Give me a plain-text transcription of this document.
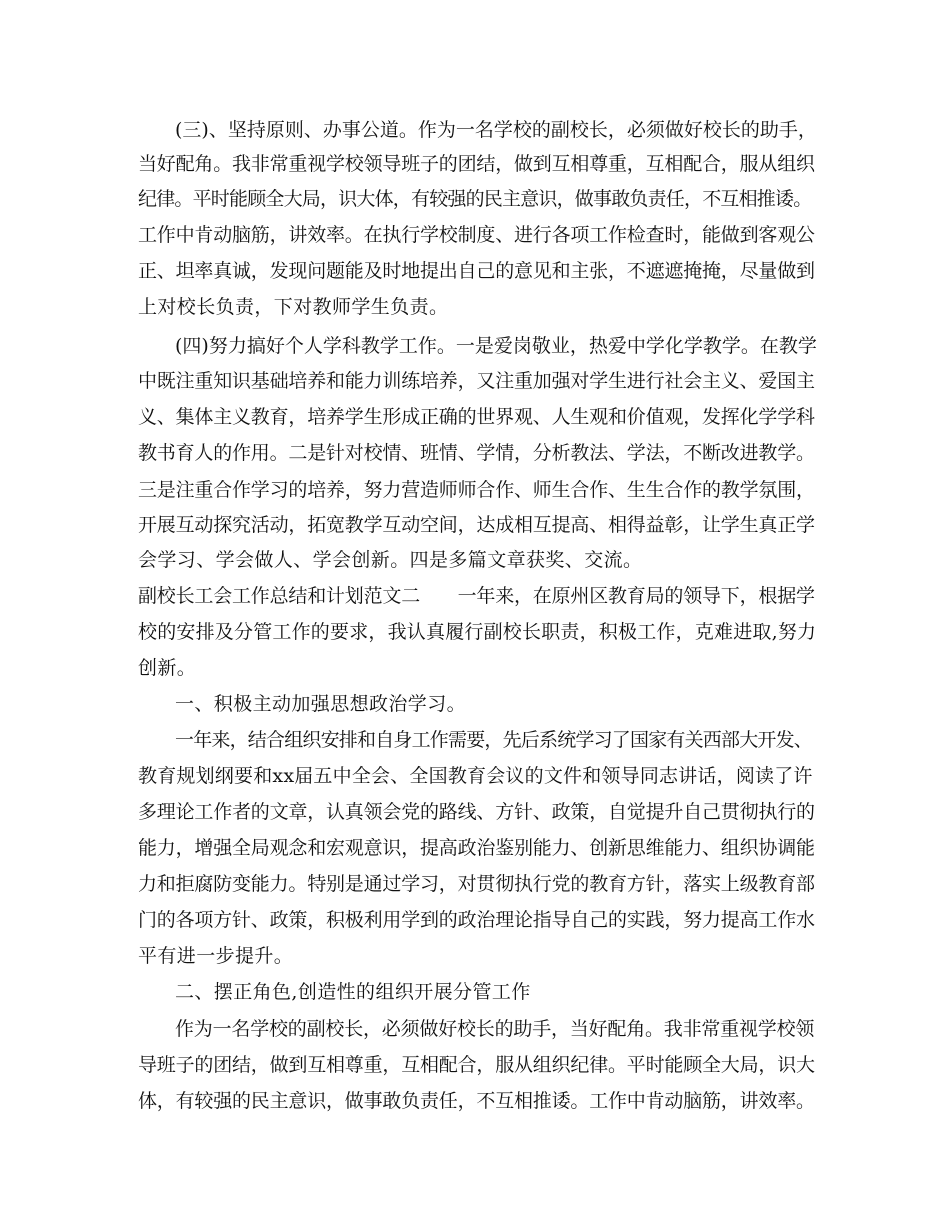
(三)、坚持原则、办事公道。作为一名学校的副校长，必须做好校长的助手，
当好配角。我非常重视学校领导班子的团结，做到互相尊重，互相配合，服从组织
纪律。平时能顾全大局，识大体，有较强的民主意识，做事敢负责任，不互相推诿。
工作中肯动脑筋，讲效率。在执行学校制度、进行各项工作检查时，能做到客观公
正、坦率真诚，发现问题能及时地提出自己的意见和主张，不遮遮掩掩，尽量做到
上对校长负责，下对教师学生负责。
(四)努力搞好个人学科教学工作。一是爱岗敬业，热爱中学化学教学。在教学
中既注重知识基础培养和能力训练培养，又注重加强对学生进行社会主义、爱国主
义、集体主义教育，培养学生形成正确的世界观、人生观和价值观，发挥化学学科
教书育人的作用。二是针对校情、班情、学情，分析教法、学法，不断改进教学。
三是注重合作学习的培养，努力营造师师合作、师生合作、生生合作的教学氛围，
开展互动探究活动，拓宽教学互动空间，达成相互提高、相得益彰，让学生真正学
会学习、学会做人、学会创新。四是多篇文章获奖、交流。
副校长工会工作总结和计划范文二　　一年来，在原州区教育局的领导下，根据学
校的安排及分管工作的要求，我认真履行副校长职责，积极工作，克难进取,努力
创新。
一、积极主动加强思想政治学习。
一年来，结合组织安排和自身工作需要，先后系统学习了国家有关西部大开发、
教育规划纲要和xx届五中全会、全国教育会议的文件和领导同志讲话，阅读了许
多理论工作者的文章，认真领会党的路线、方针、政策，自觉提升自己贯彻执行的
能力，增强全局观念和宏观意识，提高政治鉴别能力、创新思维能力、组织协调能
力和拒腐防变能力。特别是通过学习，对贯彻执行党的教育方针，落实上级教育部
门的各项方针、政策，积极利用学到的政治理论指导自己的实践，努力提高工作水
平有进一步提升。
二、摆正角色,创造性的组织开展分管工作
作为一名学校的副校长，必须做好校长的助手，当好配角。我非常重视学校领
导班子的团结，做到互相尊重，互相配合，服从组织纪律。平时能顾全大局，识大
体，有较强的民主意识，做事敢负责任，不互相推诿。工作中肯动脑筋，讲效率。
